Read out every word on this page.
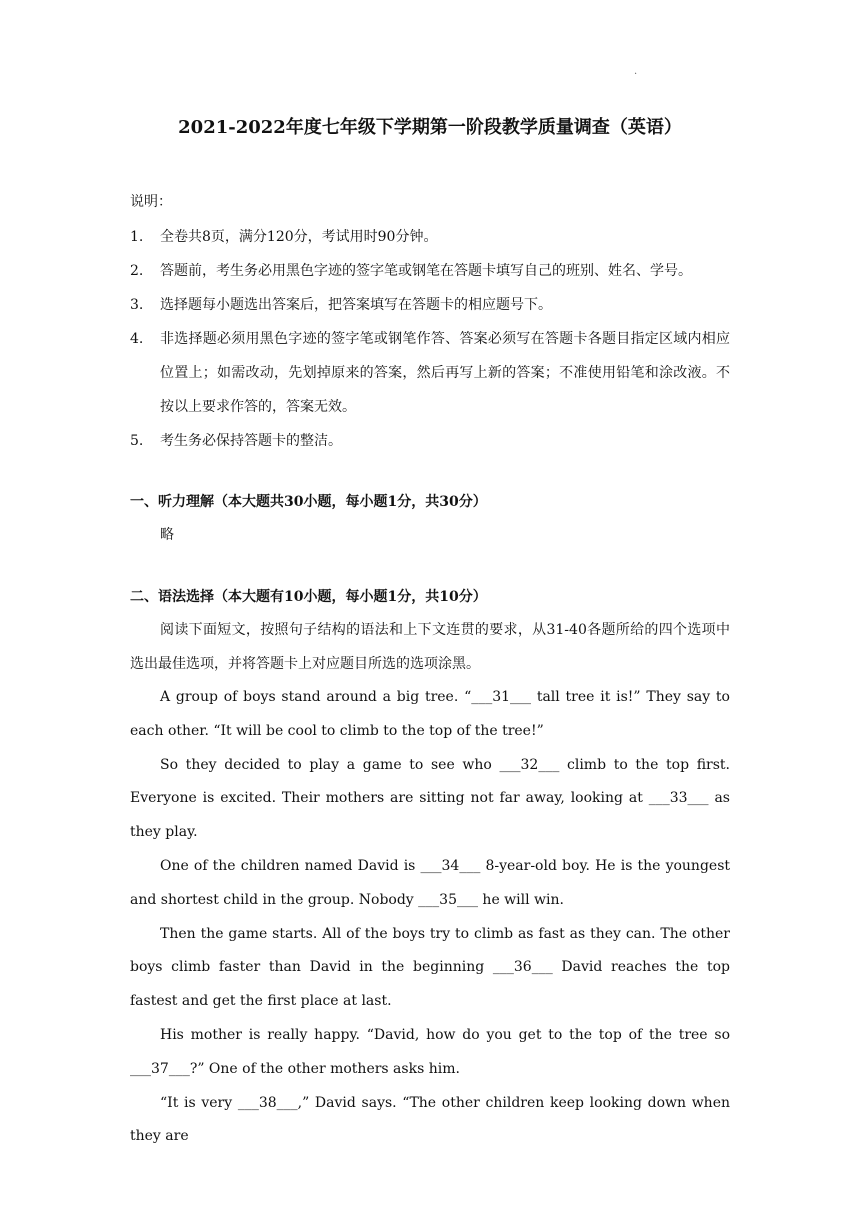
.
2021-2022年度七年级下学期第一阶段教学质量调查（英语）

说明：

1.	全卷共8页，满分120分，考试用时90分钟。
2.	答题前，考生务必用黑色字迹的签字笔或钢笔在答题卡填写自己的班别、姓名、学号。
3.	选择题每小题选出答案后，把答案填写在答题卡的相应题号下。
4.	非选择题必须用黑色字迹的签字笔或钢笔作答、答案必须写在答题卡各题目指定区域内相应位置上；如需改动，先划掉原来的答案，然后再写上新的答案；不准使用铅笔和涂改液。不按以上要求作答的，答案无效。
5.	考生务必保持答题卡的整洁。

一、听力理解（本大题共30小题，每小题1分，共30分）

略

二、语法选择（本大题有10小题，每小题1分，共10分）

阅读下面短文，按照句子结构的语法和上下文连贯的要求，从31-40各题所给的四个选项中选出最佳选项，并将答题卡上对应题目所选的选项涂黑。

A group of boys stand around a big tree. “___31___ tall tree it is!” They say to each other. “It will be cool to climb to the top of the tree!”

So they decided to play a game to see who ___32___ climb to the top first. Everyone is excited. Their mothers are sitting not far away, looking at ___33___ as they play.

One of the children named David is ___34___ 8-year-old boy. He is the youngest and shortest child in the group. Nobody ___35___ he will win.

Then the game starts. All of the boys try to climb as fast as they can. The other boys climb faster than David in the beginning ___36___ David reaches the top fastest and get the first place at last.

His mother is really happy. “David, how do you get to the top of the tree so ___37___?” One of the other mothers asks him.

“It is very ___38___,” David says. “The other children keep looking down when they are
